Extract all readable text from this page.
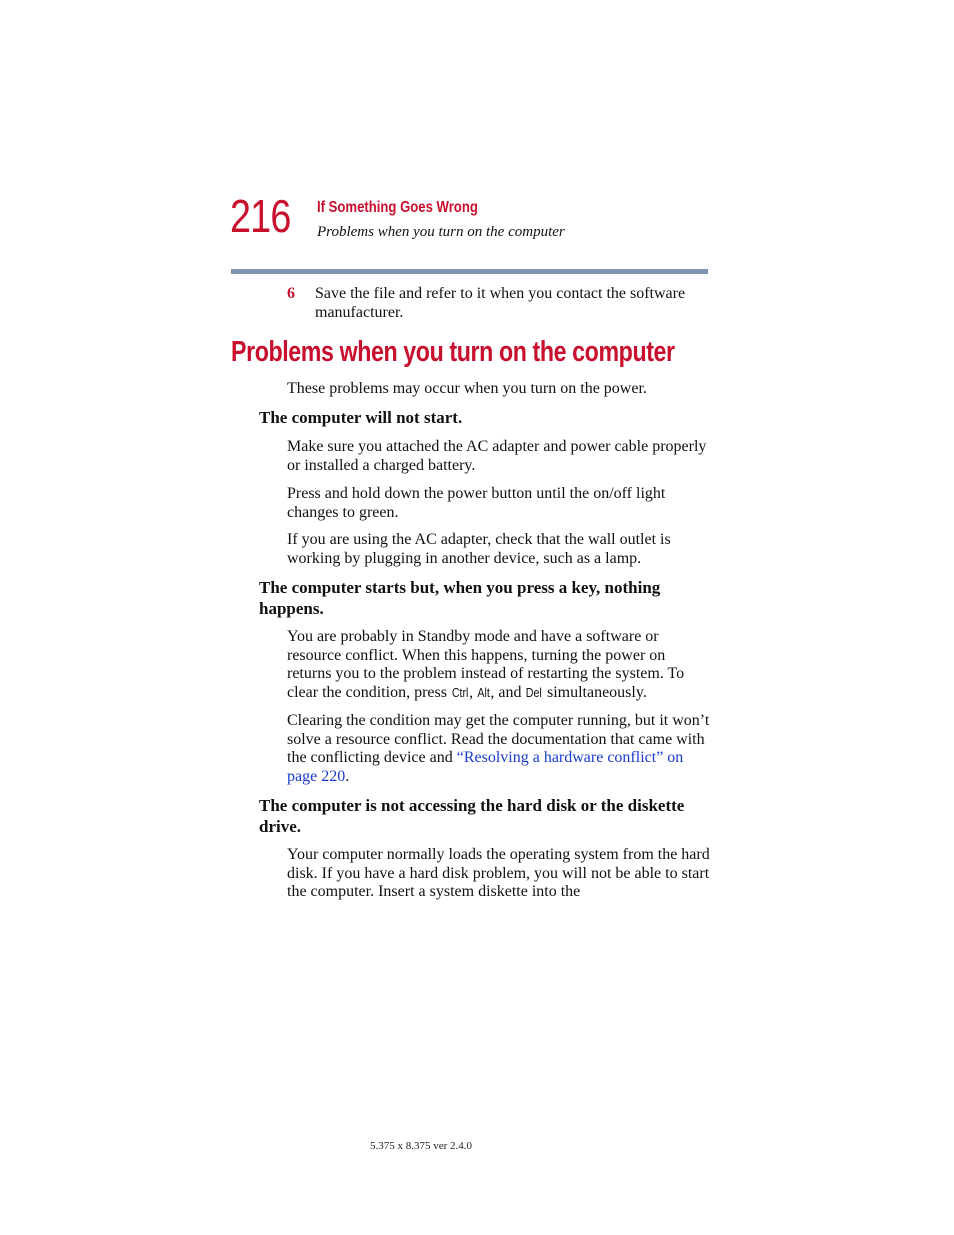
216 If Something Goes Wrong
Problems when you turn on the computer
6 Save the file and refer to it when you contact the software manufacturer.
Problems when you turn on the computer
These problems may occur when you turn on the power.
The computer will not start.
Make sure you attached the AC adapter and power cable properly or installed a charged battery.
Press and hold down the power button until the on/off light changes to green.
If you are using the AC adapter, check that the wall outlet is working by plugging in another device, such as a lamp.
The computer starts but, when you press a key, nothing happens.
You are probably in Standby mode and have a software or resource conflict. When this happens, turning the power on returns you to the problem instead of restarting the system. To clear the condition, press Ctrl, Alt, and Del simultaneously.
Clearing the condition may get the computer running, but it won’t solve a resource conflict. Read the documentation that came with the conflicting device and “Resolving a hardware conflict” on page 220.
The computer is not accessing the hard disk or the diskette drive.
Your computer normally loads the operating system from the hard disk. If you have a hard disk problem, you will not be able to start the computer. Insert a system diskette into the
5.375 x 8.375 ver 2.4.0
